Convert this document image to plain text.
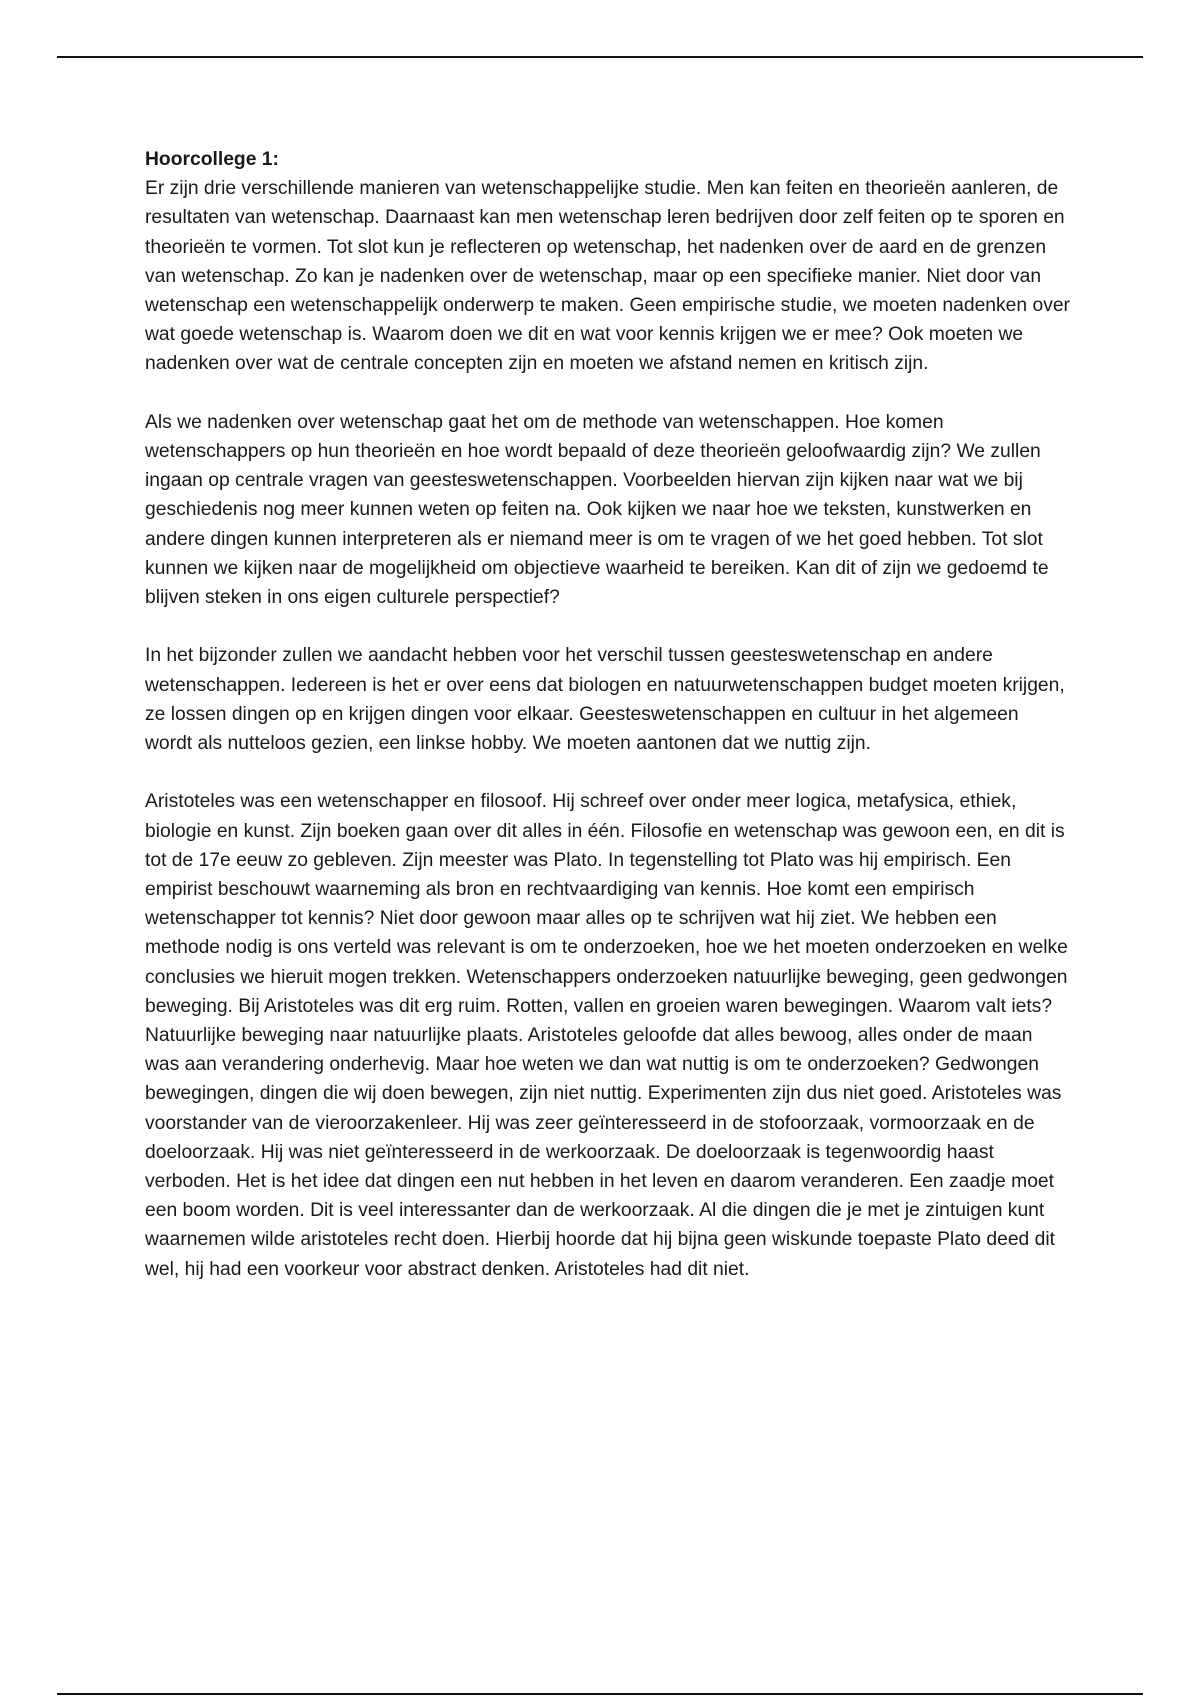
Hoorcollege 1:

Er zijn drie verschillende manieren van wetenschappelijke studie. Men kan feiten en theorieën aanleren, de resultaten van wetenschap. Daarnaast kan men wetenschap leren bedrijven door zelf feiten op te sporen en theorieën te vormen. Tot slot kun je reflecteren op wetenschap, het nadenken over de aard en de grenzen van wetenschap. Zo kan je nadenken over de wetenschap, maar op een specifieke manier. Niet door van wetenschap een wetenschappelijk onderwerp te maken. Geen empirische studie, we moeten nadenken over wat goede wetenschap is. Waarom doen we dit en wat voor kennis krijgen we er mee? Ook moeten we nadenken over wat de centrale concepten zijn en moeten we afstand nemen en kritisch zijn.

Als we nadenken over wetenschap gaat het om de methode van wetenschappen. Hoe komen wetenschappers op hun theorieën en hoe wordt bepaald of deze theorieën geloofwaardig zijn? We zullen ingaan op centrale vragen van geesteswetenschappen. Voorbeelden hiervan zijn kijken naar wat we bij geschiedenis nog meer kunnen weten op feiten na. Ook kijken we naar hoe we teksten, kunstwerken en andere dingen kunnen interpreteren als er niemand meer is om te vragen of we het goed hebben. Tot slot kunnen we kijken naar de mogelijkheid om objectieve waarheid te bereiken. Kan dit of zijn we gedoemd te blijven steken in ons eigen culturele perspectief?

In het bijzonder zullen we aandacht hebben voor het verschil tussen geesteswetenschap en andere wetenschappen. Iedereen is het er over eens dat biologen en natuurwetenschappen budget moeten krijgen, ze lossen dingen op en krijgen dingen voor elkaar. Geesteswetenschappen en cultuur in het algemeen wordt als nutteloos gezien, een linkse hobby. We moeten aantonen dat we nuttig zijn.

Aristoteles was een wetenschapper en filosoof. Hij schreef over onder meer logica, metafysica, ethiek, biologie en kunst. Zijn boeken gaan over dit alles in één. Filosofie en wetenschap was gewoon een, en dit is tot de 17e eeuw zo gebleven. Zijn meester was Plato. In tegenstelling tot Plato was hij empirisch. Een empirist beschouwt waarneming als bron en rechtvaardiging van kennis. Hoe komt een empirisch wetenschapper tot kennis? Niet door gewoon maar alles op te schrijven wat hij ziet. We hebben een methode nodig is ons verteld was relevant is om te onderzoeken, hoe we het moeten onderzoeken en welke conclusies we hieruit mogen trekken. Wetenschappers onderzoeken natuurlijke beweging, geen gedwongen beweging. Bij Aristoteles was dit erg ruim. Rotten, vallen en groeien waren bewegingen. Waarom valt iets? Natuurlijke beweging naar natuurlijke plaats. Aristoteles geloofde dat alles bewoog, alles onder de maan was aan verandering onderhevig. Maar hoe weten we dan wat nuttig is om te onderzoeken? Gedwongen bewegingen, dingen die wij doen bewegen, zijn niet nuttig. Experimenten zijn dus niet goed. Aristoteles was voorstander van de vieroorzakenleer. Hij was zeer geïnteresseerd in de stofoorzaak, vormoorzaak en de doeloorzaak. Hij was niet geïnteresseerd in de werkoorzaak. De doeloorzaak is tegenwoordig haast verboden. Het is het idee dat dingen een nut hebben in het leven en daarom veranderen. Een zaadje moet een boom worden. Dit is veel interessanter dan de werkoorzaak. Al die dingen die je met je zintuigen kunt waarnemen wilde aristoteles recht doen. Hierbij hoorde dat hij bijna geen wiskunde toepaste Plato deed dit wel, hij had een voorkeur voor abstract denken. Aristoteles had dit niet.
